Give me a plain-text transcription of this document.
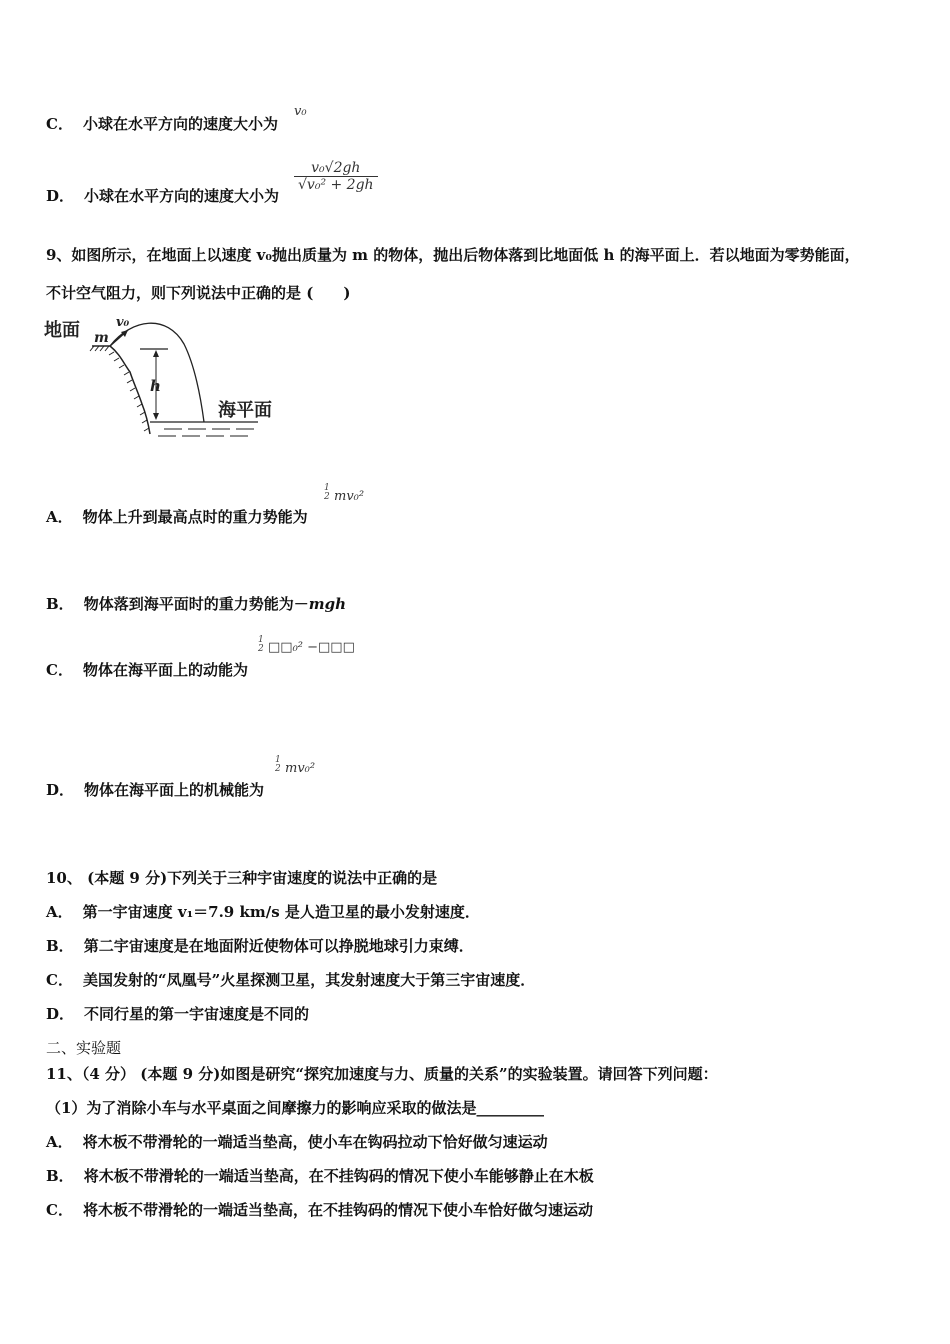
C． 小球在水平方向的速度大小为
v₀
D． 小球在水平方向的速度大小为
$\frac{\text{v₀√2gh}}{\text{√v₀² + 2gh}}$
9、如图所示，在地面上以速度 v₀抛出质量为 m 的物体，抛出后物体落到比地面低 h 的海平面上．若以地面为零势能面，
不计空气阻力，则下列说法中正确的是 (　　)
地面 m
v₀
h
海平面
A． 物体上升到最高点时的重力势能为
1
2 mv₀²
B． 物体落到海平面时的重力势能为－mgh
C． 物体在海平面上的动能为
1
2 □□₀² −□□□
D． 物体在海平面上的机械能为
1
2 mv₀²
10、 (本题 9 分)下列关于三种宇宙速度的说法中正确的是
A． 第一宇宙速度 v₁＝7.9 km/s 是人造卫星的最小发射速度．
B． 第二宇宙速度是在地面附近使物体可以挣脱地球引力束缚．
C． 美国发射的“凤凰号”火星探测卫星，其发射速度大于第三宇宙速度．
D． 不同行星的第一宇宙速度是不同的
二、实验题
11、（4 分） (本题 9 分)如图是研究“探究加速度与力、质量的关系”的实验装置。请回答下列问题：
（1）为了消除小车与水平桌面之间摩擦力的影响应采取的做法是_________
A． 将木板不带滑轮的一端适当垫高，使小车在钩码拉动下恰好做匀速运动
B． 将木板不带滑轮的一端适当垫高，在不挂钩码的情况下使小车能够静止在木板
C． 将木板不带滑轮的一端适当垫高，在不挂钩码的情况下使小车恰好做匀速运动
